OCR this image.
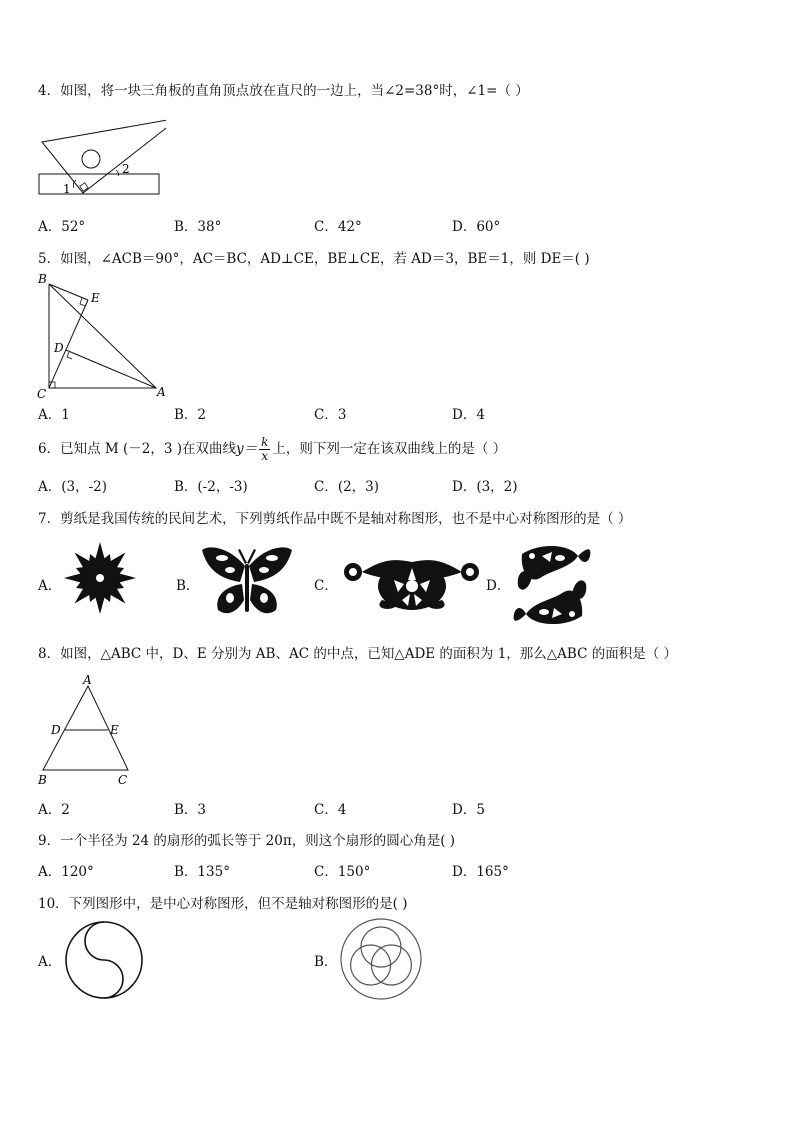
4．如图，将一块三角板的直角顶点放在直尺的一边上，当∠2=38°时，∠1=（ ）
1
2
A．52°	B．38°	C．42°	D．60°
5．如图，∠ACB＝90°，AC＝BC，AD⊥CE，BE⊥CE，若 AD＝3，BE＝1，则 DE＝( )
B
E
D
C	A
A．1	B．2	C．3	D．4
6．已知点 M (－2，3 )在双曲线$y= \frac{k}{x}$ 上，则下列一定在该双曲线上的是（ ）
A．(3，-2)	B．(-2，-3)	C．(2，3)	D．(3，2)
7．剪纸是我国传统的民间艺术，下列剪纸作品中既不是轴对称图形，也不是中心对称图形的是（ ）
A．	B．	C．	D．
8．如图，△ABC 中，D、E 分别为 AB、AC 的中点，已知△ADE 的面积为 1，那么△ABC 的面积是（ ）
A
D	E
B	C
A．2	B．3	C．4	D．5
9．一个半径为 24 的扇形的弧长等于 20π，则这个扇形的圆心角是( )
A．120°	B．135°	C．150°	D．165°
10．下列图形中，是中心对称图形，但不是轴对称图形的是( )
A．	B．
